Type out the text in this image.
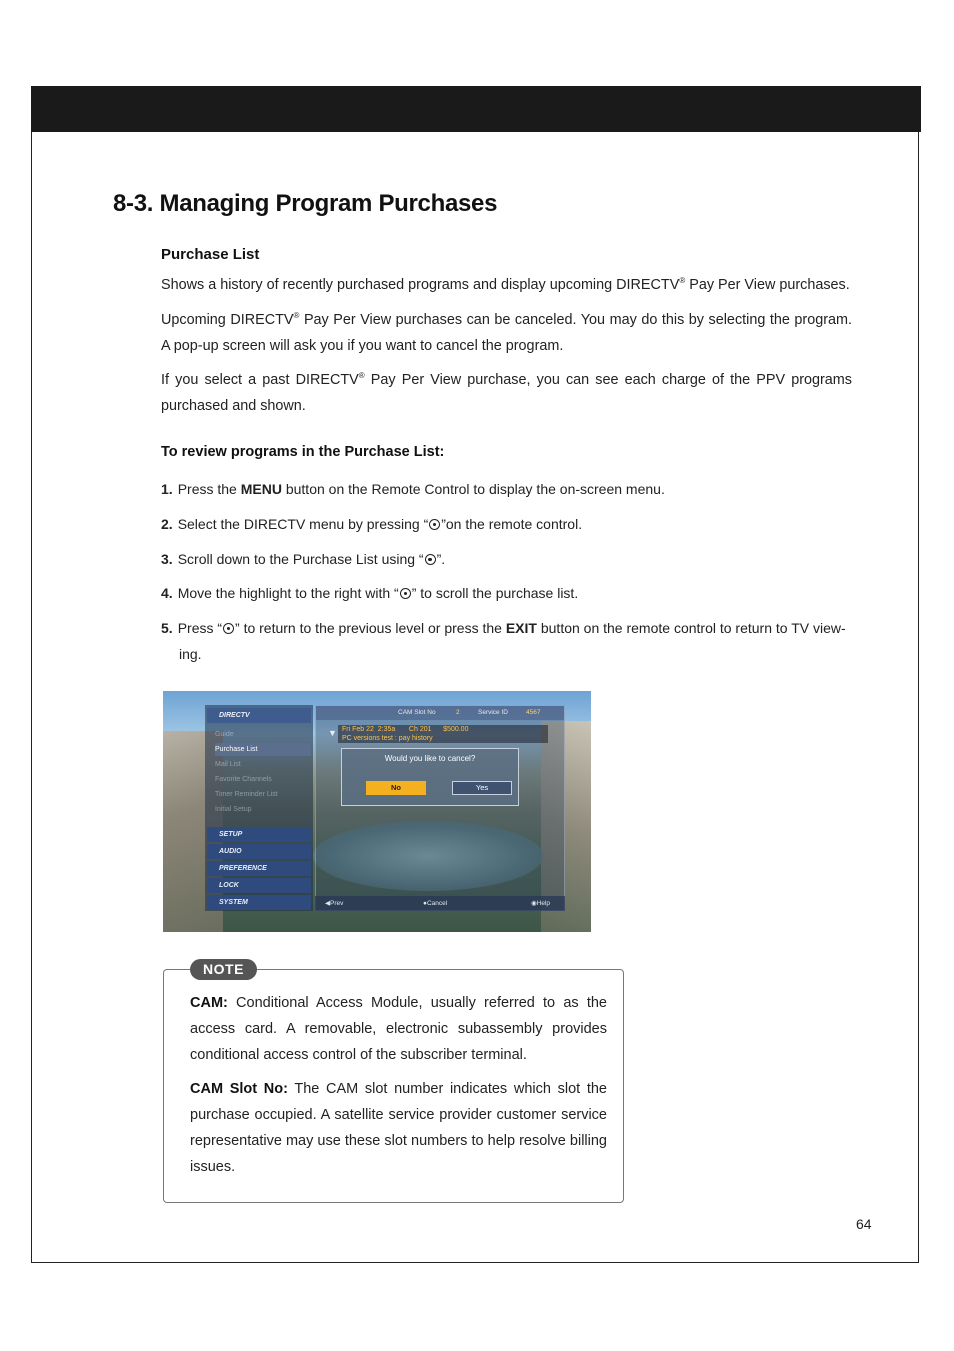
8-3. Managing Program Purchases
Purchase List

Shows a history of recently purchased programs and display upcoming DIRECTV® Pay Per View purchases.

Upcoming DIRECTV® Pay Per View purchases can be canceled. You may do this by selecting the program. A pop-up screen will ask you if you want to cancel the program.

If you select a past DIRECTV® Pay Per View purchase, you can see each charge of the PPV programs purchased and shown.

To review programs in the Purchase List:
1. Press the MENU button on the Remote Control to display the on-screen menu.
2. Select the DIRECTV menu by pressing “ ”on the remote control.
3. Scroll down to the Purchase List using “ ”.
4. Move the highlight to the right with “ ” to scroll the purchase list.
5. Press “ ” to return to the previous level or press the EXIT button on the remote control to return to TV view-
ing.
DIRECTV
Guide
Purchase List
Mail List
Favorite Channels
Timer Reminder List
Initial Setup
SETUP
AUDIO
PREFERENCE
LOCK
SYSTEM
CAM Slot No	2	Service ID	4567
▼ Fri Feb 22  2:35a       Ch 201      $500.00
PC versions test : pay history
Would you like to cancel?
No	Yes
◀Prev	●Cancel	◉Help
NOTE

CAM: Conditional Access Module, usually referred to as the access card. A removable, electronic subassembly provides conditional access control of the subscriber terminal.

CAM Slot No: The CAM slot number indicates which slot the purchase occupied. A satellite service provider customer service representative may use these slot numbers to help resolve billing issues.

64
